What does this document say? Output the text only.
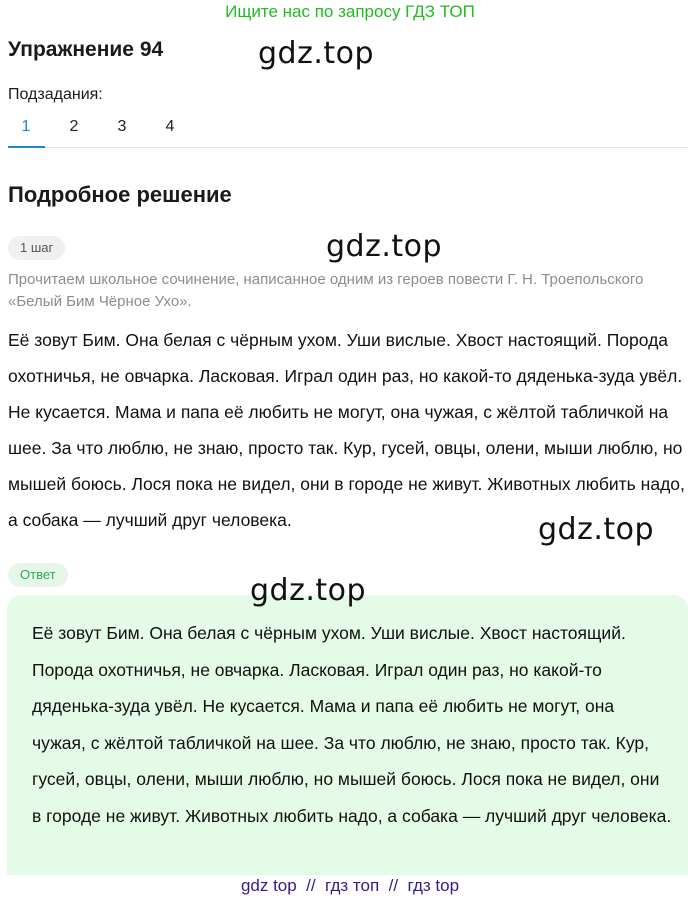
Ищите нас по запросу ГДЗ ТОП
Упражнение 94	gdz.top
Подзадания:
1	2	3	4
Подробное решение
1 шаг	gdz.top
Прочитаем школьное сочинение, написанное одним из героев повести Г. Н. Троепольского «Белый Бим Чёрное Ухо».
Её зовут Бим. Она белая с чёрным ухом. Уши вислые. Хвост настоящий. Порода охотничья, не овчарка. Ласковая. Играл один раз, но какой-то дяденька-зуда увёл. Не кусается. Мама и папа её любить не могут, она чужая, с жёлтой табличкой на шее. За что люблю, не знаю, просто так. Кур, гусей, овцы, олени, мыши люблю, но мышей боюсь. Лося пока не видел, они в городе не живут. Животных любить надо, а собака — лучший друг человека.	gdz.top
Ответ
Её зовут Бим. Она белая с чёрным ухом. Уши вислые. Хвост настоящий. Порода охотничья, не овчарка. Ласковая. Играл один раз, но какой-то дяденька-зуда увёл. Не кусается. Мама и папа её любить не могут, она чужая, с жёлтой табличкой на шее. За что люблю, не знаю, просто так. Кур, гусей, овцы, олени, мыши люблю, но мышей боюсь. Лося пока не видел, они в городе не живут. Животных любить надо, а собака — лучший друг человека.
gdz.top
gdz top  //  гдз топ  //  гдз top
